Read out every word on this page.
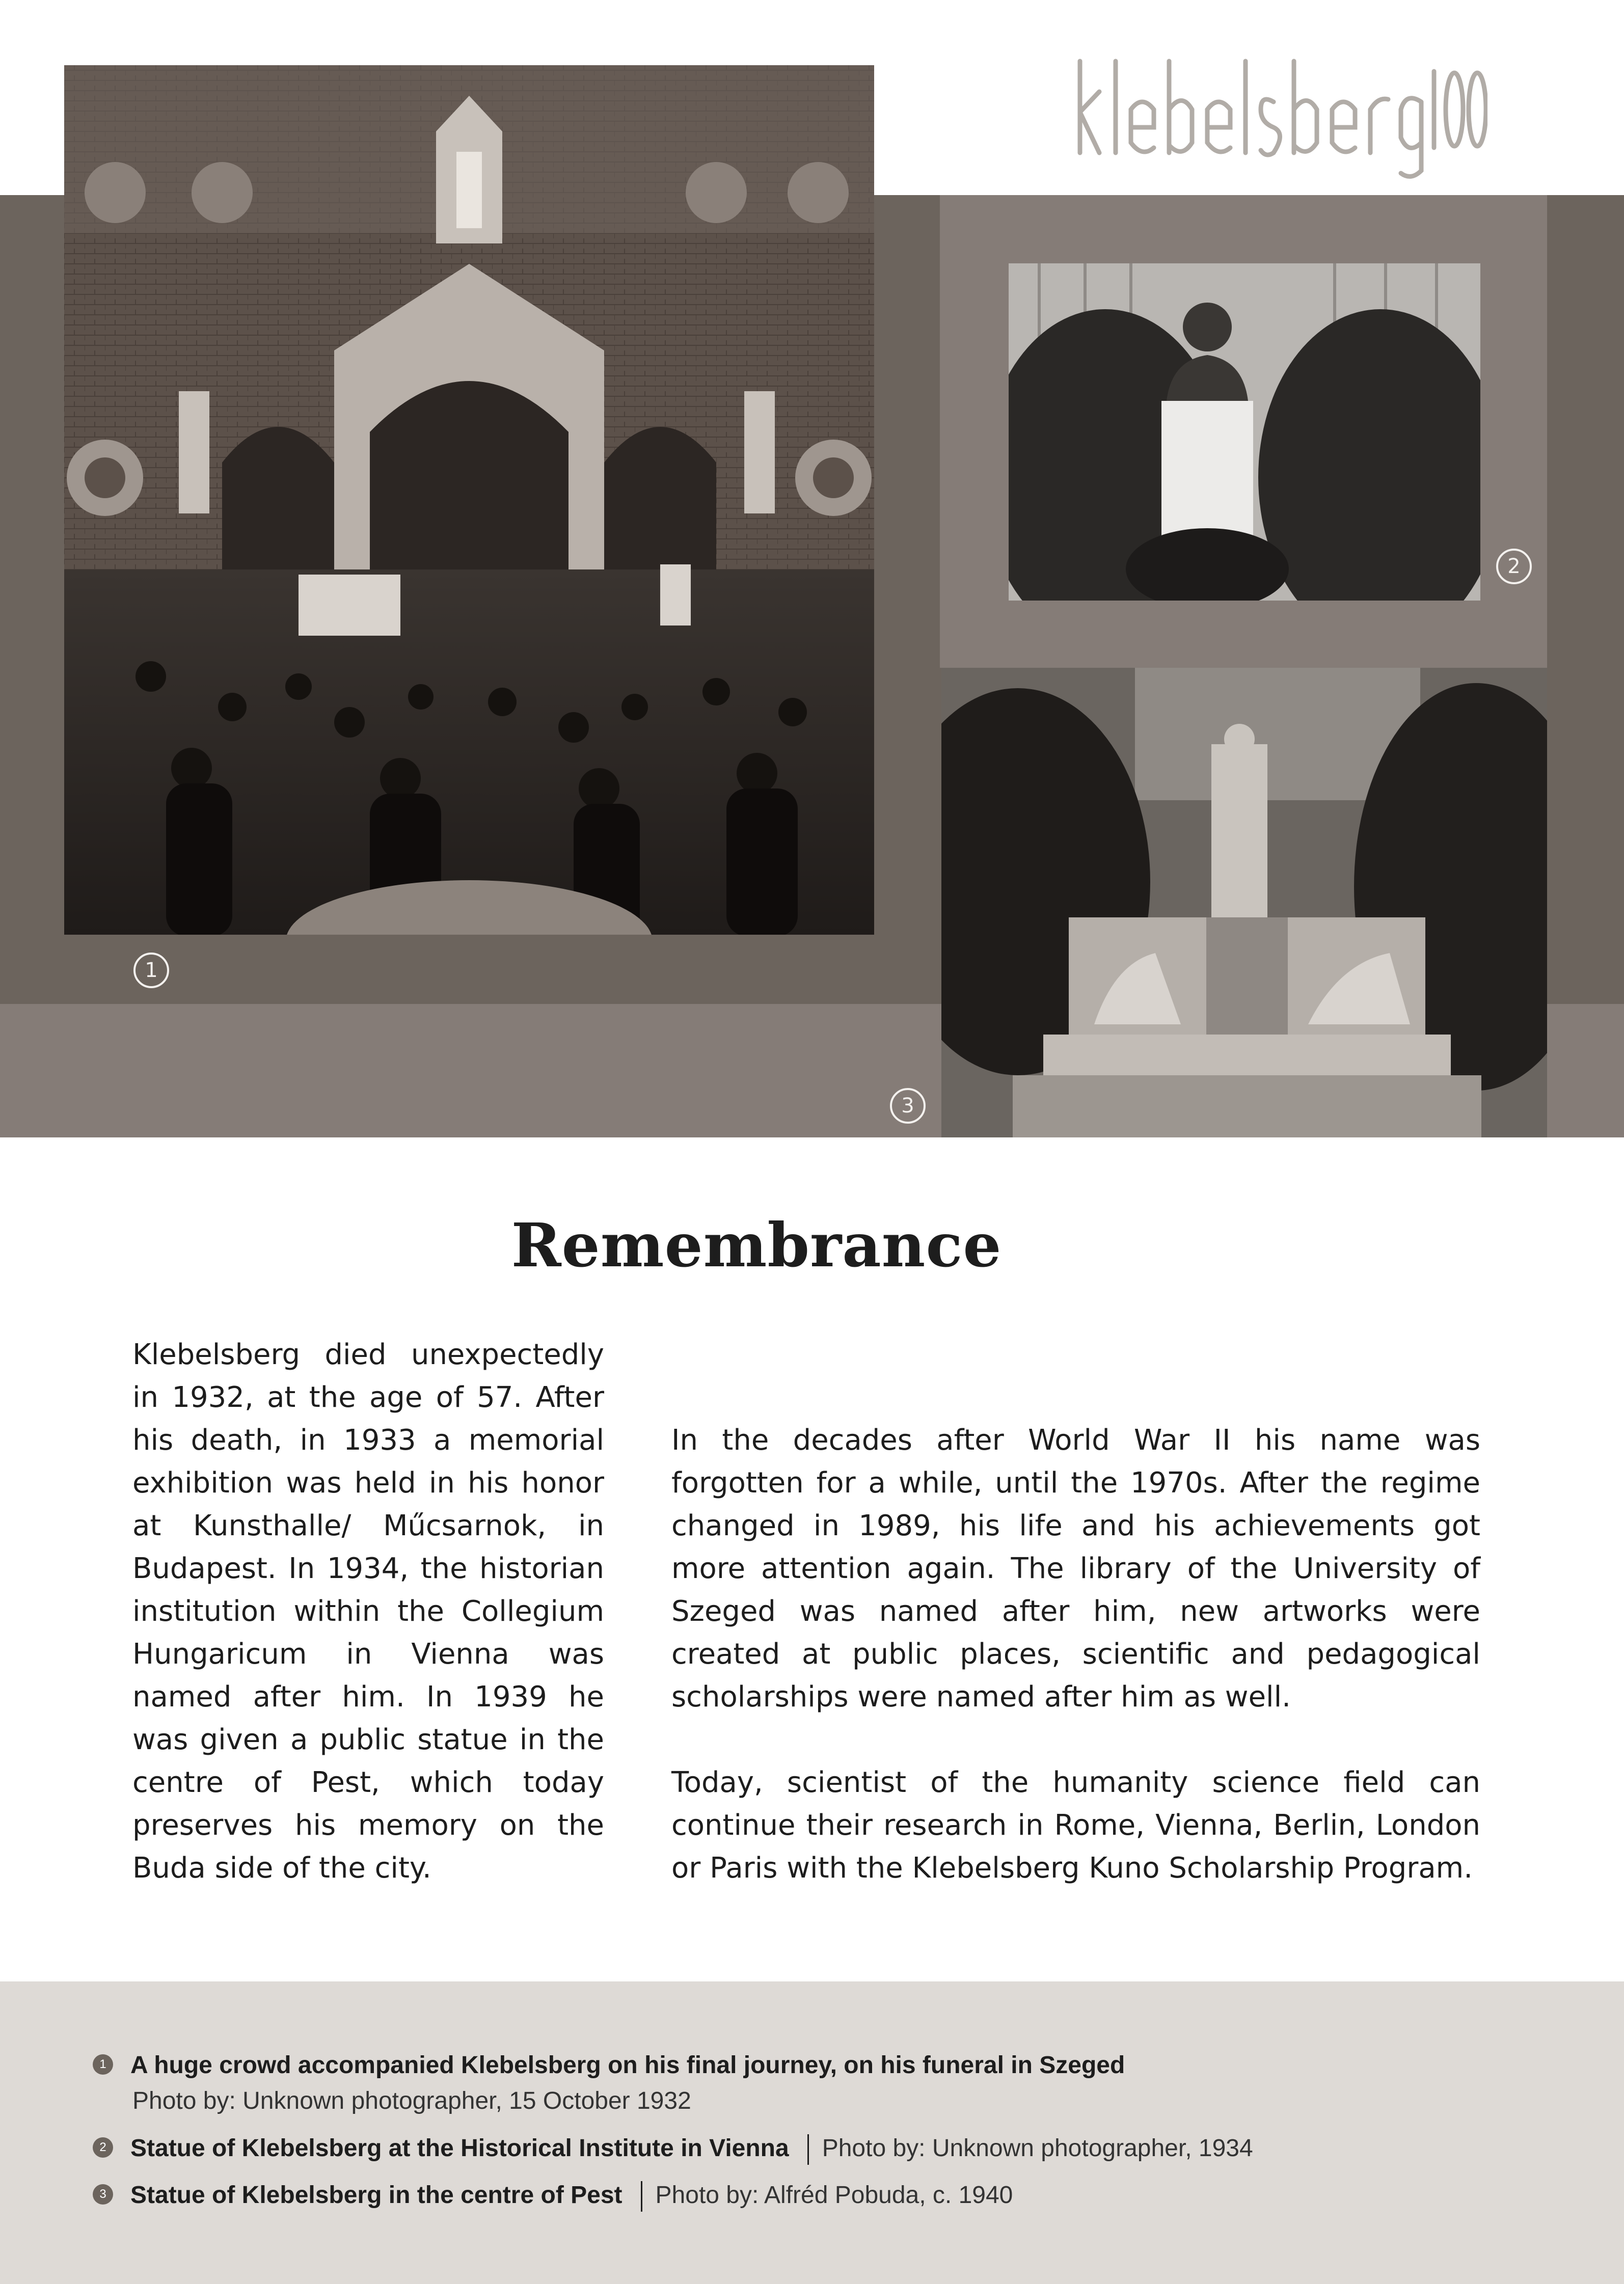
1
2
3
Remembrance

Klebelsberg died unexpectedly in 1932, at the age of 57. After his death, in 1933 a memorial exhibition was held in his honor at Kunsthalle/ Műcsarnok, in Budapest. In 1934, the historian institution within the Collegium Hungaricum in Vienna was named after him. In 1939 he was given a public statue in the centre of Pest, which today preserves his memory on the Buda side of the city.

In the decades after World War II his name was forgotten for a while, until the 1970s. After the regime changed in 1989, his life and his achievements got more attention again. The library of the University of Szeged was named after him, new artworks were created at public places, scientific and pedagogical scholarships were named after him as well.

Today, scientist of the humanity science field can continue their research in Rome, Vienna, Berlin, London or Paris with the Klebelsberg Kuno Scholarship Program.

1 A huge crowd accompanied Klebelsberg on his final journey, on his funeral in Szeged
Photo by: Unknown photographer, 15 October 1932
2 Statue of Klebelsberg at the Historical Institute in Vienna Photo by: Unknown photographer, 1934
3 Statue of Klebelsberg in the centre of Pest Photo by: Alfréd Pobuda, c. 1940
